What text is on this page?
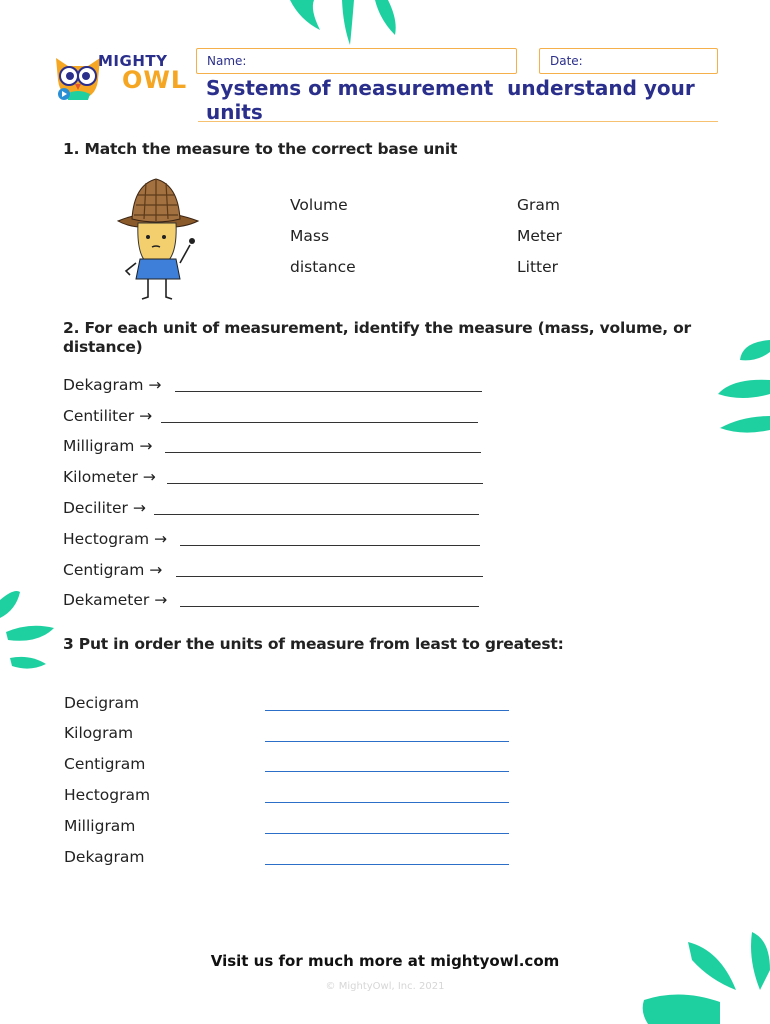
MIGHTY
OWL
Name:	Date:
Systems of measurement  understand your
units
1. Match the measure to the correct base unit
Volume
Mass
distance
Gram
Meter
Litter
2. For each unit of measurement, identify the measure (mass, volume, or
distance)
Dekagram →
Centiliter →
Milligram →
Kilometer →
Deciliter →
Hectogram →
Centigram →
Dekameter →
3 Put in order the units of measure from least to greatest:
Decigram
Kilogram
Centigram
Hectogram
Milligram
Dekagram
Visit us for much more at mightyowl.com
© MightyOwl, Inc. 2021
